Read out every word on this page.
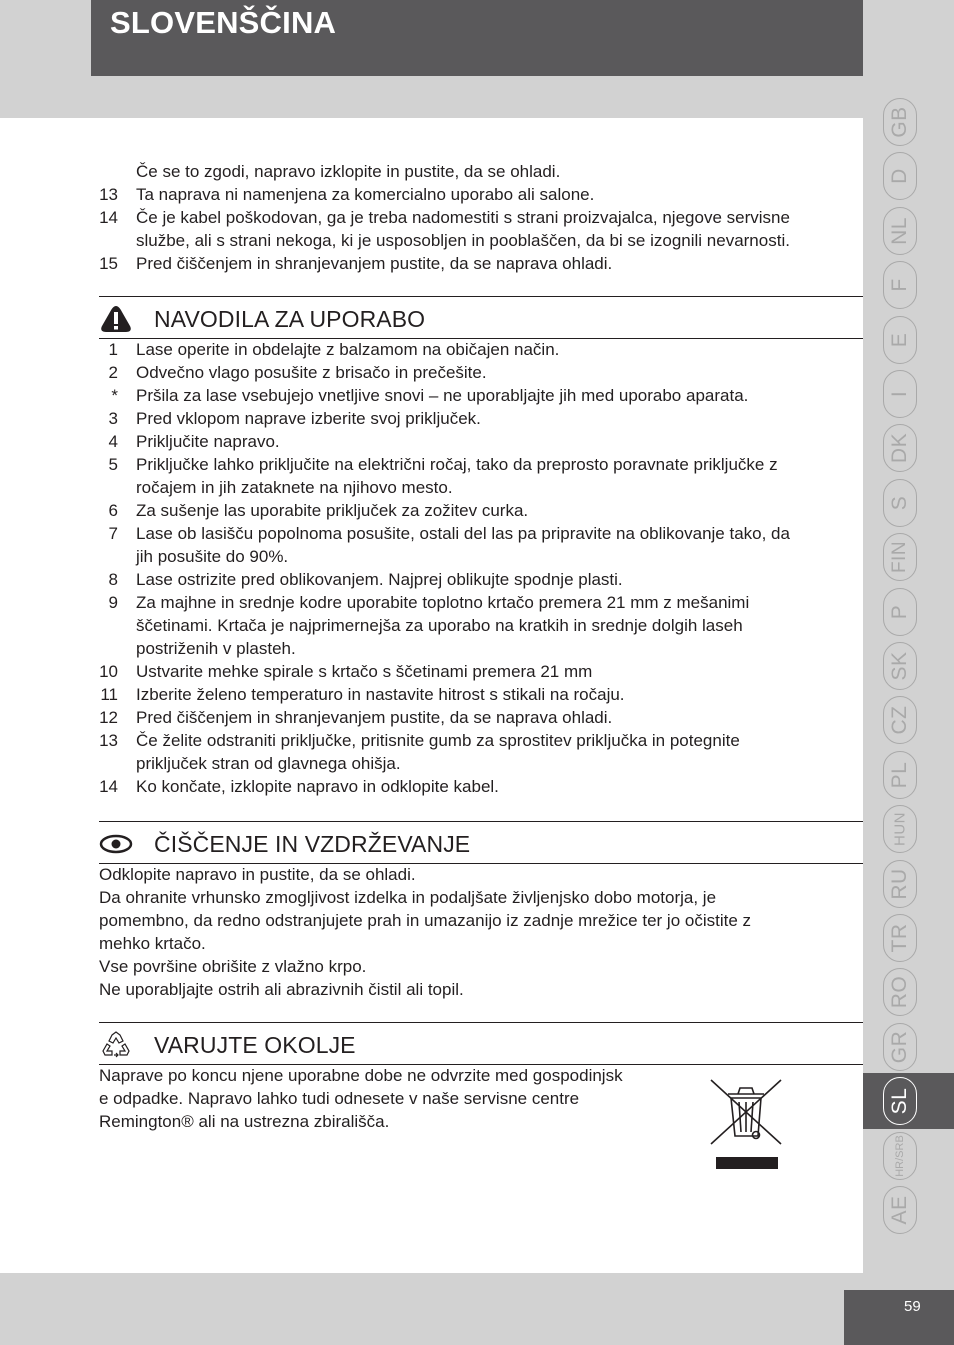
SLOVENŠČINA
Če se to zgodi, napravo izklopite in pustite, da se ohladi.
13 Ta naprava ni namenjena za komercialno uporabo ali salone.
14 Če je kabel poškodovan, ga je treba nadomestiti s strani proizvajalca, njegove servisne
službe, ali s strani nekoga, ki je usposobljen in pooblaščen, da bi se izognili nevarnosti.
15 Pred čiščenjem in shranjevanjem pustite, da se naprava ohladi.
NAVODILA ZA UPORABO
1 Lase operite in obdelajte z balzamom na običajen način.
2 Odvečno vlago posušite z brisačo in prečešite.
* Pršila za lase vsebujejo vnetljive snovi – ne uporabljajte jih med uporabo aparata.
3 Pred vklopom naprave izberite svoj priključek.
4 Priključite napravo.
5 Priključke lahko priključite na električni ročaj, tako da preprosto poravnate priključke z
ročajem in jih zataknete na njihovo mesto.
6 Za sušenje las uporabite priključek za zožitev curka.
7 Lase ob lasišču popolnoma posušite, ostali del las pa pripravite na oblikovanje tako, da
jih posušite do 90%.
8 Lase ostrizite pred oblikovanjem. Najprej oblikujte spodnje plasti.
9 Za majhne in srednje kodre uporabite toplotno krtačo premera 21 mm z mešanimi
ščetinami. Krtača je najprimernejša za uporabo na kratkih in srednje dolgih laseh
postriženih v plasteh.
10 Ustvarite mehke spirale s krtačo s ščetinami premera 21 mm
11 Izberite želeno temperaturo in nastavite hitrost s stikali na ročaju.
12 Pred čiščenjem in shranjevanjem pustite, da se naprava ohladi.
13 Če želite odstraniti priključke, pritisnite gumb za sprostitev priključka in potegnite
priključek stran od glavnega ohišja.
14 Ko končate, izklopite napravo in odklopite kabel.
ČIŠČENJE IN VZDRŽEVANJE
Odklopite napravo in pustite, da se ohladi.
Da ohranite vrhunsko zmogljivost izdelka in podaljšate življenjsko dobo motorja, je
pomembno, da redno odstranjujete prah in umazanijo iz zadnje mrežice ter jo očistite z
mehko krtačo.
Vse površine obrišite z vlažno krpo.
Ne uporabljajte ostrih ali abrazivnih čistil ali topil.
VARUJTE OKOLJE
Naprave po koncu njene uporabne dobe ne odvrzite med gospodinjsk
e odpadke. Napravo lahko tudi odnesete v naše servisne centre
Remington® ali na ustrezna zbirališča.
59
GB
D
NL
F
E
I
DK
S
FIN
P
SK
CZ
PL
HUN
RU
TR
RO
GR
SL
HR/SRB
AE
